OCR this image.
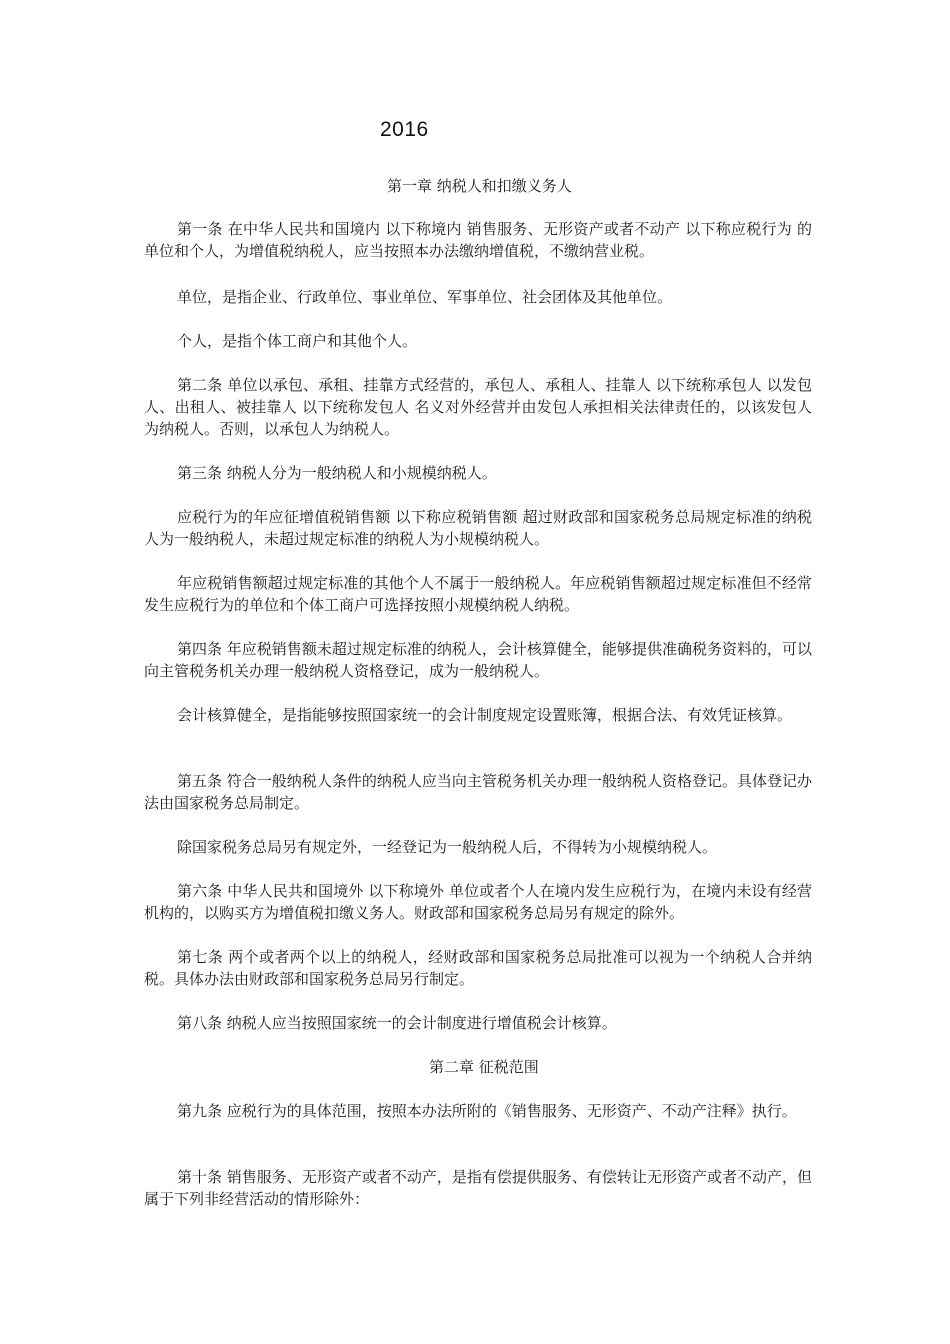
2016
第一章 纳税人和扣缴义务人

第一条 在中华人民共和国境内 以下称境内 销售服务、无形资产或者不动产 以下称应税行为 的单位和个人，为增值税纳税人，应当按照本办法缴纳增值税，不缴纳营业税。

单位，是指企业、行政单位、事业单位、军事单位、社会团体及其他单位。

个人，是指个体工商户和其他个人。

第二条 单位以承包、承租、挂靠方式经营的，承包人、承租人、挂靠人 以下统称承包人 以发包人、出租人、被挂靠人 以下统称发包人 名义对外经营并由发包人承担相关法律责任的，以该发包人为纳税人。否则，以承包人为纳税人。

第三条 纳税人分为一般纳税人和小规模纳税人。

应税行为的年应征增值税销售额 以下称应税销售额 超过财政部和国家税务总局规定标准的纳税人为一般纳税人，未超过规定标准的纳税人为小规模纳税人。

年应税销售额超过规定标准的其他个人不属于一般纳税人。年应税销售额超过规定标准但不经常发生应税行为的单位和个体工商户可选择按照小规模纳税人纳税。

第四条 年应税销售额未超过规定标准的纳税人，会计核算健全，能够提供准确税务资料的，可以向主管税务机关办理一般纳税人资格登记，成为一般纳税人。

会计核算健全，是指能够按照国家统一的会计制度规定设置账簿，根据合法、有效凭证核算。

第五条 符合一般纳税人条件的纳税人应当向主管税务机关办理一般纳税人资格登记。具体登记办法由国家税务总局制定。

除国家税务总局另有规定外，一经登记为一般纳税人后，不得转为小规模纳税人。

第六条 中华人民共和国境外 以下称境外 单位或者个人在境内发生应税行为，在境内未设有经营机构的，以购买方为增值税扣缴义务人。财政部和国家税务总局另有规定的除外。

第七条 两个或者两个以上的纳税人，经财政部和国家税务总局批准可以视为一个纳税人合并纳税。具体办法由财政部和国家税务总局另行制定。

第八条 纳税人应当按照国家统一的会计制度进行增值税会计核算。

第二章 征税范围

第九条 应税行为的具体范围，按照本办法所附的《销售服务、无形资产、不动产注释》执行。

第十条 销售服务、无形资产或者不动产，是指有偿提供服务、有偿转让无形资产或者不动产，但属于下列非经营活动的情形除外：
